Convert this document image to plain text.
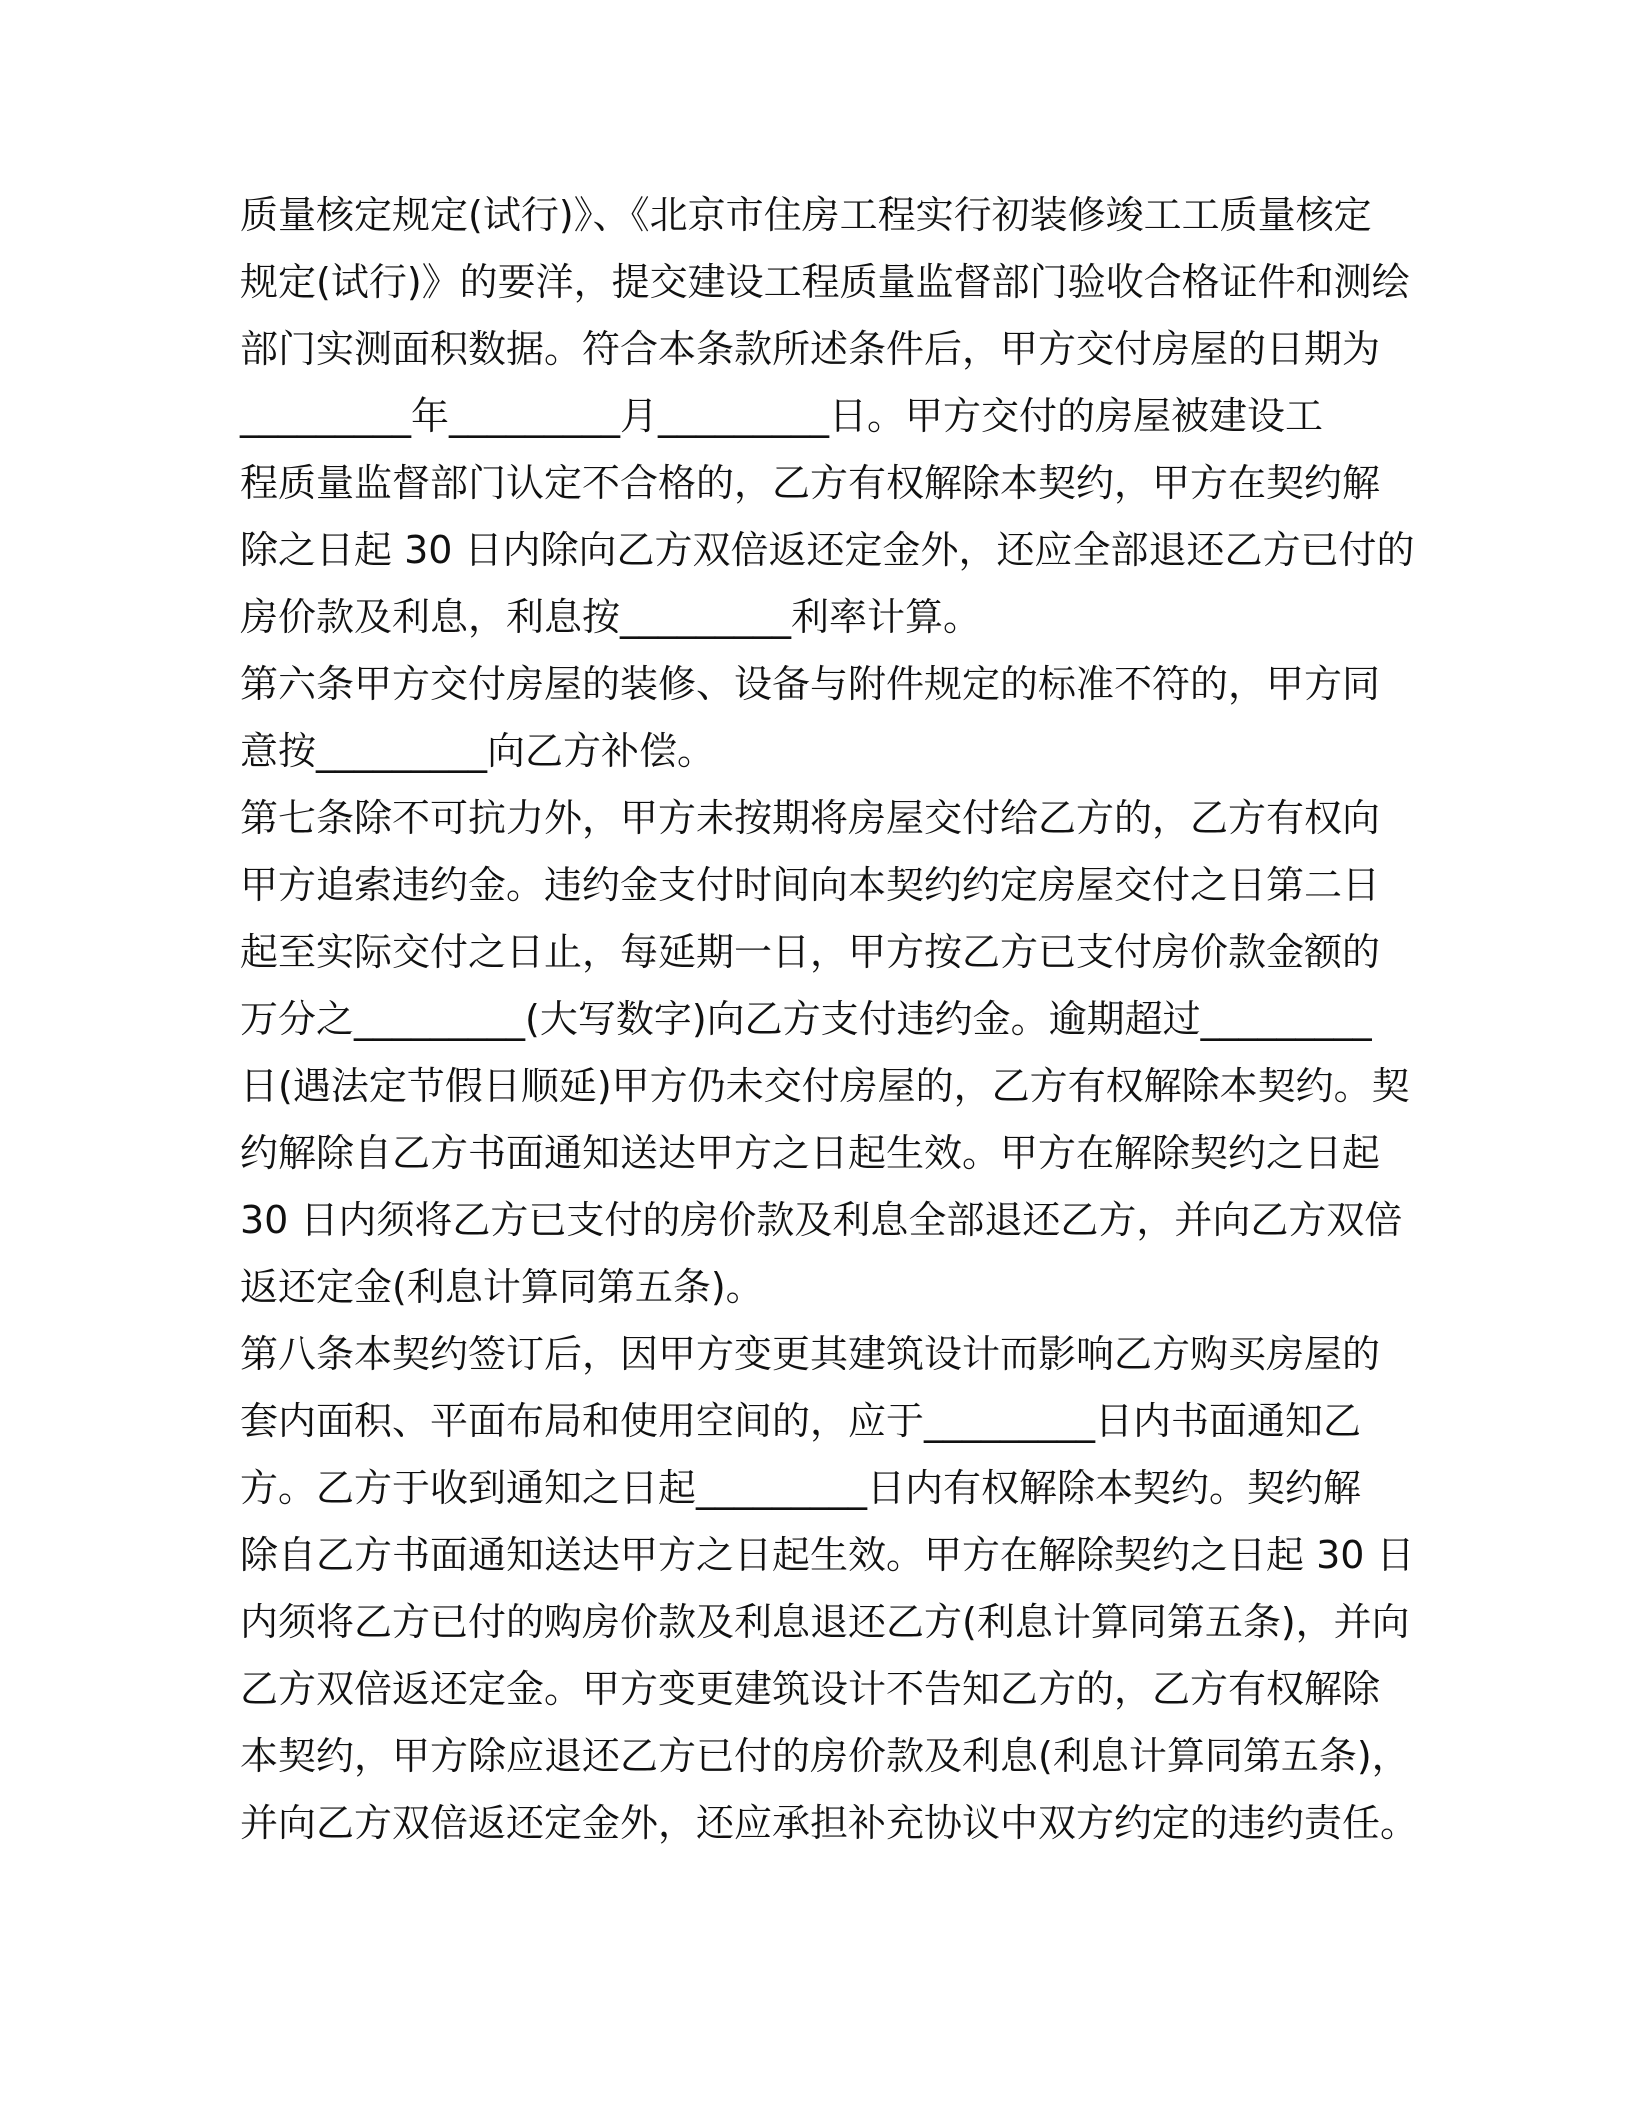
质量核定规定(试行)》、《北京市住房工程实行初装修竣工工质量核定
规定(试行)》的要洋，提交建设工程质量监督部门验收合格证件和测绘
部门实测面积数据。符合本条款所述条件后，甲方交付房屋的日期为
_________年_________月_________日。甲方交付的房屋被建设工
程质量监督部门认定不合格的，乙方有权解除本契约，甲方在契约解
除之日起 30 日内除向乙方双倍返还定金外，还应全部退还乙方已付的
房价款及利息，利息按_________利率计算。
第六条甲方交付房屋的装修、设备与附件规定的标准不符的，甲方同
意按_________向乙方补偿。
第七条除不可抗力外，甲方未按期将房屋交付给乙方的，乙方有权向
甲方追索违约金。违约金支付时间向本契约约定房屋交付之日第二日
起至实际交付之日止，每延期一日，甲方按乙方已支付房价款金额的
万分之_________(大写数字)向乙方支付违约金。逾期超过_________
日(遇法定节假日顺延)甲方仍未交付房屋的，乙方有权解除本契约。契
约解除自乙方书面通知送达甲方之日起生效。甲方在解除契约之日起
30 日内须将乙方已支付的房价款及利息全部退还乙方，并向乙方双倍
返还定金(利息计算同第五条)。
第八条本契约签订后，因甲方变更其建筑设计而影响乙方购买房屋的
套内面积、平面布局和使用空间的，应于_________日内书面通知乙
方。乙方于收到通知之日起_________日内有权解除本契约。契约解
除自乙方书面通知送达甲方之日起生效。甲方在解除契约之日起 30 日
内须将乙方已付的购房价款及利息退还乙方(利息计算同第五条)，并向
乙方双倍返还定金。甲方变更建筑设计不告知乙方的，乙方有权解除
本契约，甲方除应退还乙方已付的房价款及利息(利息计算同第五条)，
并向乙方双倍返还定金外，还应承担补充协议中双方约定的违约责任。
